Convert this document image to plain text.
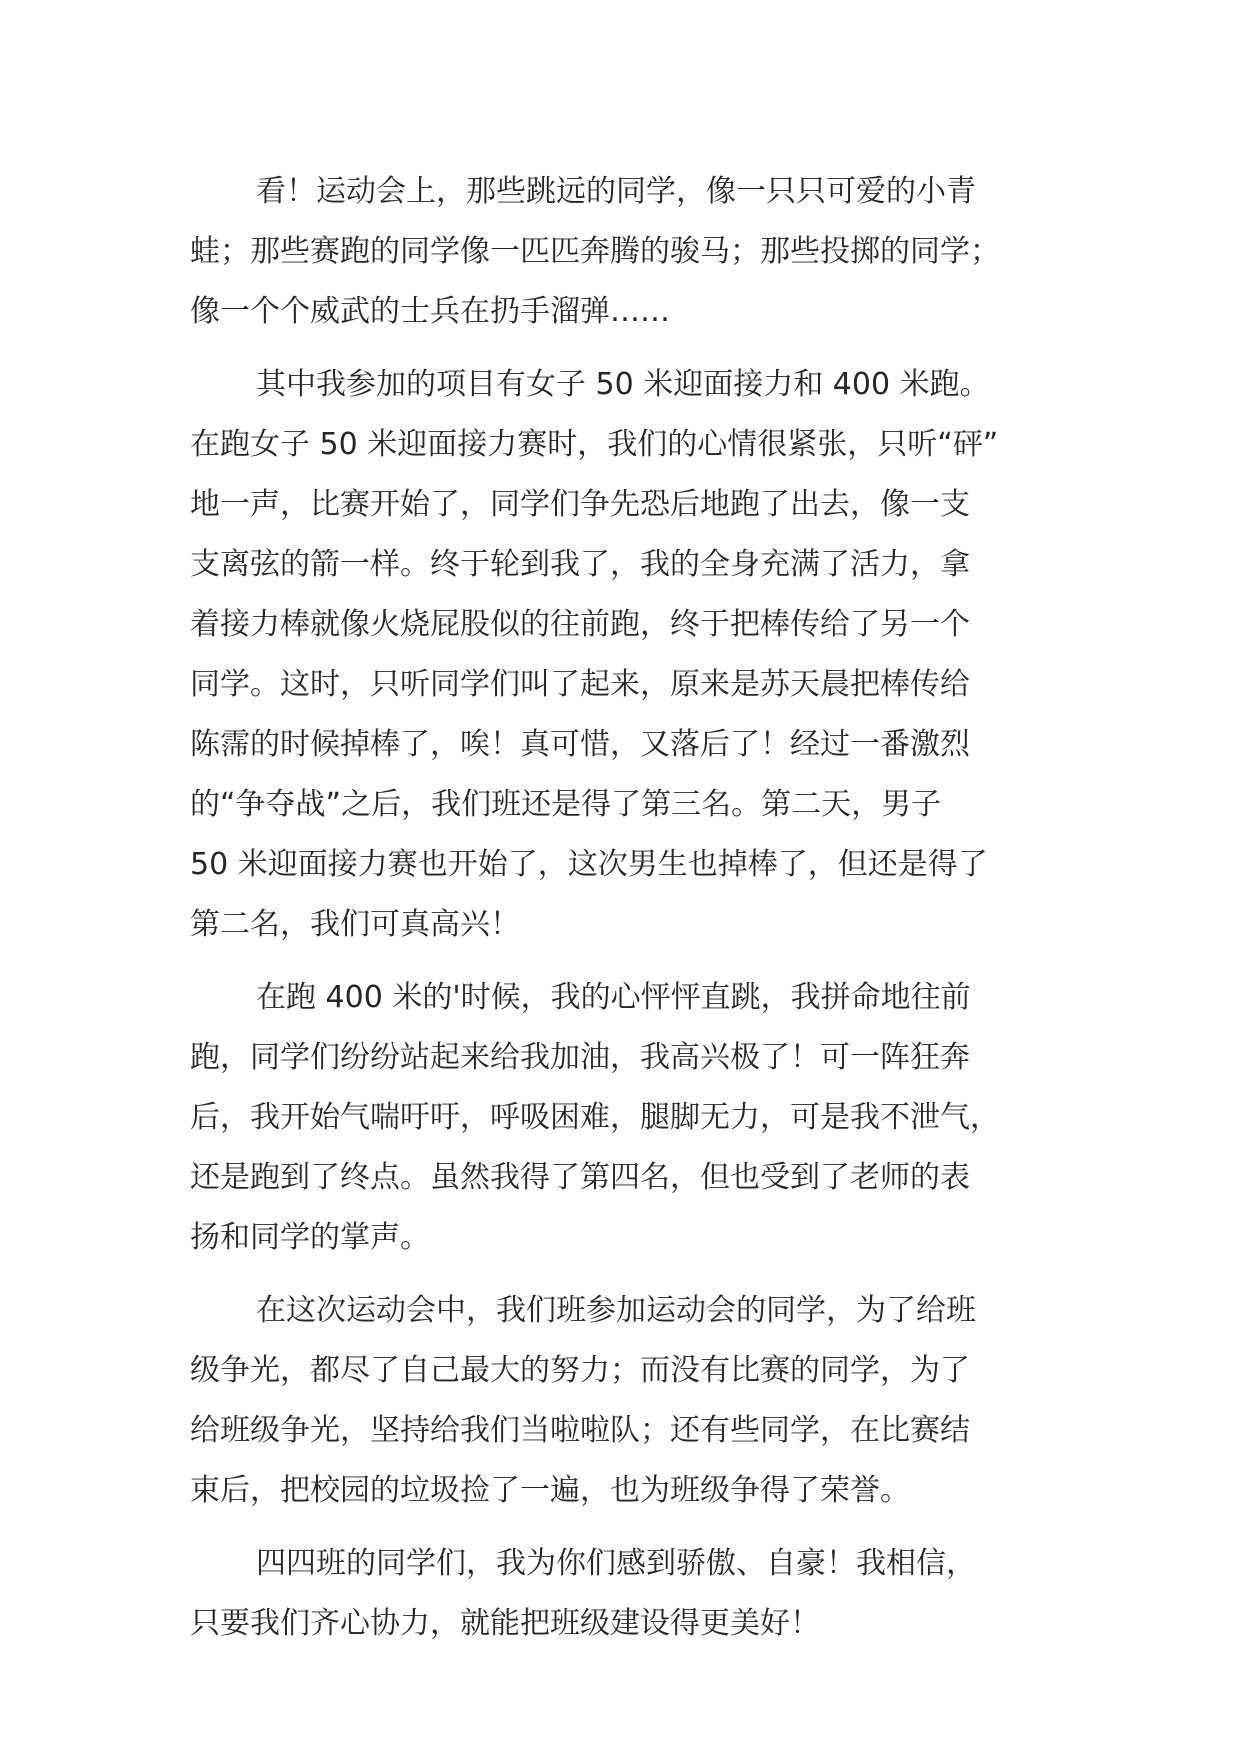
看！运动会上，那些跳远的同学，像一只只可爱的小青
蛙；那些赛跑的同学像一匹匹奔腾的骏马；那些投掷的同学；
像一个个威武的士兵在扔手溜弹……
其中我参加的项目有女子 50 米迎面接力和 400 米跑。
在跑女子 50 米迎面接力赛时，我们的心情很紧张，只听“砰”
地一声，比赛开始了，同学们争先恐后地跑了出去，像一支
支离弦的箭一样。终于轮到我了，我的全身充满了活力，拿
着接力棒就像火烧屁股似的往前跑，终于把棒传给了另一个
同学。这时，只听同学们叫了起来，原来是苏天晨把棒传给
陈霈的时候掉棒了，唉！真可惜，又落后了！经过一番激烈
的“争夺战”之后，我们班还是得了第三名。第二天，男子
50 米迎面接力赛也开始了，这次男生也掉棒了，但还是得了
第二名，我们可真高兴！
在跑 400 米的'时候，我的心怦怦直跳，我拼命地往前
跑，同学们纷纷站起来给我加油，我高兴极了！可一阵狂奔
后，我开始气喘吁吁，呼吸困难，腿脚无力，可是我不泄气，
还是跑到了终点。虽然我得了第四名，但也受到了老师的表
扬和同学的掌声。
在这次运动会中，我们班参加运动会的同学，为了给班
级争光，都尽了自己最大的努力；而没有比赛的同学，为了
给班级争光，坚持给我们当啦啦队；还有些同学，在比赛结
束后，把校园的垃圾捡了一遍，也为班级争得了荣誉。
四四班的同学们，我为你们感到骄傲、自豪！我相信，
只要我们齐心协力，就能把班级建设得更美好！
